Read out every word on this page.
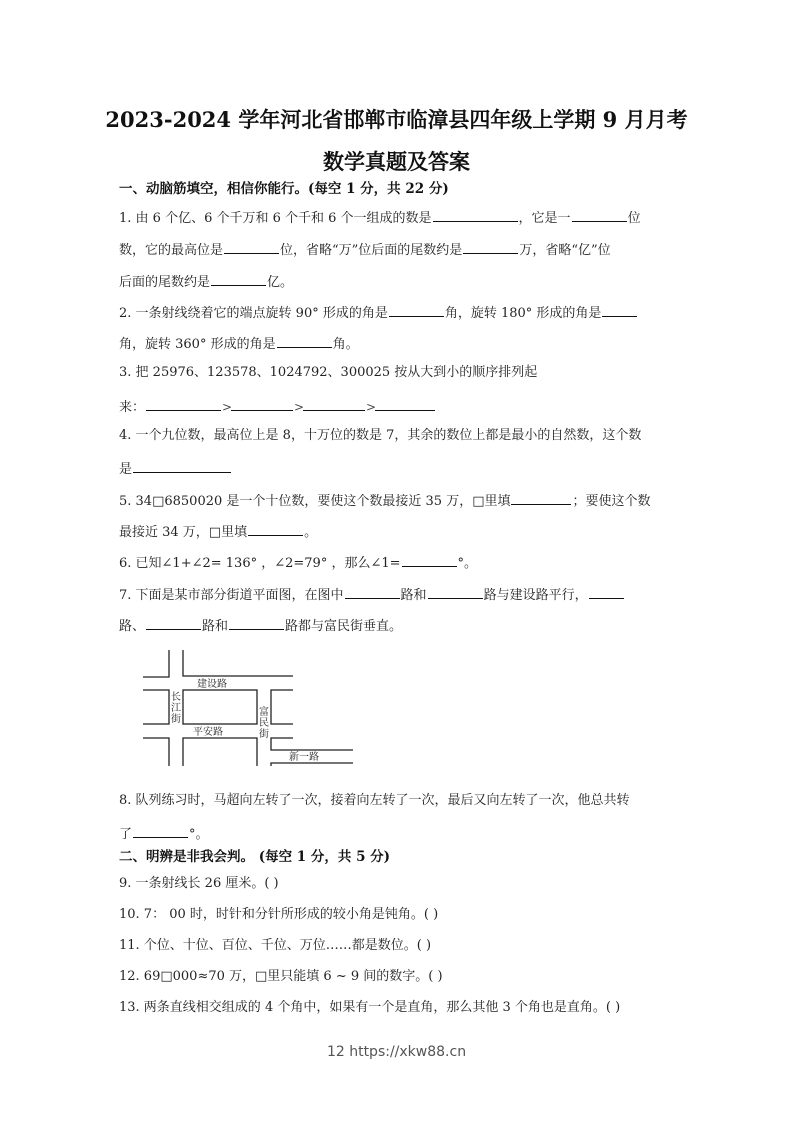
2023-2024 学年河北省邯郸市临漳县四年级上学期 9 月月考
数学真题及答案
一、动脑筋填空，相信你能行。(每空 1 分，共 22 分)
1. 由 6 个亿、6 个千万和 6 个千和 6 个一组成的数是	，它是一	位
数，它的最高位是	位，省略“万”位后面的尾数约是	万，省略“亿”位
后面的尾数约是	亿。
2. 一条射线绕着它的端点旋转 90° 形成的角是	角，旋转 180° 形成的角是
角，旋转 360° 形成的角是	角。
3. 把 25976、123578、1024792、300025 按从大到小的顺序排列起
来：	>	>	>
4. 一个九位数，最高位上是 8，十万位的数是 7，其余的数位上都是最小的自然数，这个数
是
5. 34□6850020 是一个十位数，要使这个数最接近 35 万，□里填	；要使这个数
最接近 34 万，□里填	。
6. 已知∠1+∠2= 136° ，∠2=79° ，那么∠1=	°。
7. 下面是某市部分街道平面图，在图中	路和	路与建设路平行，
路、	路和	路都与富民街垂直。
建设路
长
江
街
平安路
富
民
街
新一路
8. 队列练习时，马超向左转了一次，接着向左转了一次，最后又向左转了一次，他总共转
了	°。
二、明辨是非我会判。 (每空 1 分，共 5 分)
9. 一条射线长 26 厘米。( )
10. 7： 00 时，时针和分针所形成的较小角是钝角。( )
11. 个位、十位、百位、千位、万位……都是数位。( )
12. 69□000≈70 万，□里只能填 6 ~ 9 间的数字。( )
13. 两条直线相交组成的 4 个角中，如果有一个是直角，那么其他 3 个角也是直角。( )
12 https://xkw88.cn
